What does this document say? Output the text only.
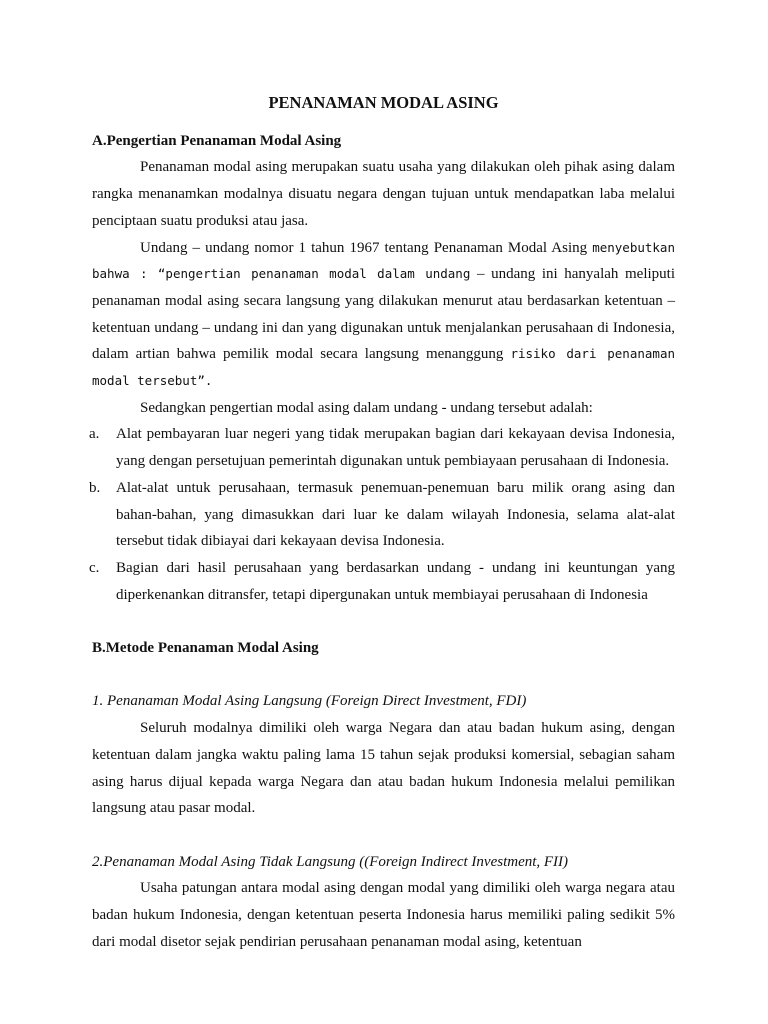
PENANAMAN MODAL ASING

A.Pengertian Penanaman Modal Asing

Penanaman modal asing merupakan suatu usaha yang dilakukan oleh pihak asing dalam rangka menanamkan modalnya disuatu negara dengan tujuan untuk mendapatkan laba melalui penciptaan suatu produksi atau jasa.

Undang – undang nomor 1 tahun 1967 tentang Penanaman Modal Asing menyebutkan bahwa : “pengertian penanaman modal dalam undang – undang ini hanyalah meliputi penanaman modal asing secara langsung yang dilakukan menurut atau berdasarkan ketentuan – ketentuan undang – undang ini dan yang digunakan untuk menjalankan perusahaan di Indonesia, dalam artian bahwa pemilik modal secara langsung menanggung risiko dari penanaman modal tersebut”.

Sedangkan pengertian modal asing dalam undang - undang tersebut adalah:

a. Alat pembayaran luar negeri yang tidak merupakan bagian dari kekayaan devisa Indonesia, yang dengan persetujuan pemerintah digunakan untuk pembiayaan perusahaan di Indonesia.
b. Alat-alat untuk perusahaan, termasuk penemuan-penemuan baru milik orang asing dan bahan-bahan, yang dimasukkan dari luar ke dalam wilayah Indonesia, selama alat-alat tersebut tidak dibiayai dari kekayaan devisa Indonesia.
c. Bagian dari hasil perusahaan yang berdasarkan undang - undang ini keuntungan yang diperkenankan ditransfer, tetapi dipergunakan untuk membiayai perusahaan di Indonesia

B.Metode Penanaman Modal Asing

1. Penanaman Modal Asing Langsung (Foreign Direct Investment, FDI)

Seluruh modalnya dimiliki oleh warga Negara dan atau badan hukum asing, dengan ketentuan dalam jangka waktu paling lama 15 tahun sejak produksi komersial, sebagian saham asing harus dijual kepada warga Negara dan atau badan hukum Indonesia melalui pemilikan langsung atau pasar modal.

2.Penanaman Modal Asing Tidak Langsung ((Foreign Indirect Investment, FII)

Usaha patungan antara modal asing dengan modal yang dimiliki oleh warga negara atau badan hukum Indonesia, dengan ketentuan peserta Indonesia harus memiliki paling sedikit 5% dari modal disetor sejak pendirian perusahaan penanaman modal asing, ketentuan
